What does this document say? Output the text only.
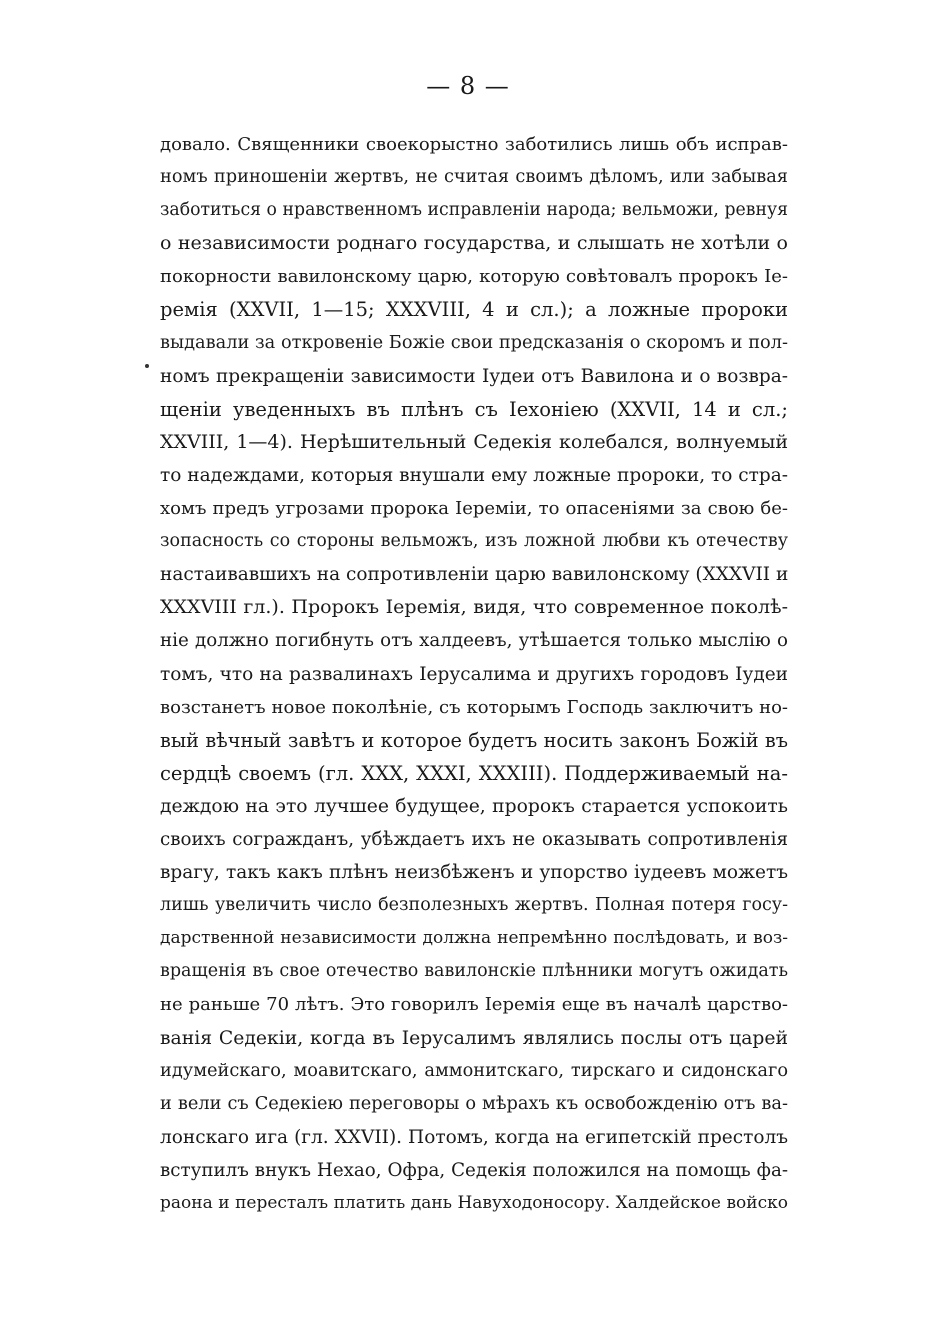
— 8 —
довало. Священники своекорыстно заботились лишь объ исправ-
номъ приношенiи жертвъ, не считая своимъ дѣломъ, или забывая
заботиться о нравственномъ исправленiи народа; вельможи, ревнуя
о независимости роднаго государства, и слышать не хотѣли о
покорности вавилонскому царю, которую совѣтовалъ пророкъ Iе-
ремiя (XXVII, 1—15; XXXVIII, 4 и сл.); а ложные пророки
выдавали за откровенiе Божiе свои предсказанiя о скоромъ и пол-
номъ прекращенiи зависимости Iудеи отъ Вавилона и о возвра-
щенiи уведенныхъ въ плѣнъ съ Iехонiею (XXVII, 14 и сл.;
XXVIII, 1—4). Нерѣшительный Седекiя колебался, волнуемый
то надеждами, которыя внушали ему ложные пророки, то стра-
хомъ предъ угрозами пророка Iеремiи, то опасенiями за свою бе-
зопасность со стороны вельможъ, изъ ложной любви къ отечеству
настаивавшихъ на сопротивленiи царю вавилонскому (XXXVII и
XXXVIII гл.). Пророкъ Iеремiя, видя, что современное поколѣ-
нiе должно погибнуть отъ халдеевъ, утѣшается только мыслiю о
томъ, что на развалинахъ Iерусалима и другихъ городовъ Iудеи
возстанетъ новое поколѣнiе, съ которымъ Господь заключитъ но-
вый вѣчный завѣтъ и которое будетъ носить законъ Божiй въ
сердцѣ своемъ (гл. XXX, XXXI, XXXIII). Поддерживаемый на-
деждою на это лучшее будущее, пророкъ старается успокоить
своихъ согражданъ, убѣждаетъ ихъ не оказывать сопротивленiя
врагу, такъ какъ плѣнъ неизбѣженъ и упорство iудеевъ можетъ
лишь увеличить число безполезныхъ жертвъ. Полная потеря госу-
дарственной независимости должна непремѣнно послѣдовать, и воз-
вращенiя въ свое отечество вавилонскiе плѣнники могутъ ожидать
не раньше 70 лѣтъ. Это говорилъ Iеремiя еще въ началѣ царство-
ванiя Седекiи, когда въ Iерусалимъ являлись послы отъ царей
идумейскаго, моавитскаго, аммонитскаго, тирскаго и сидонскаго
и вели съ Седекiею переговоры о мѣрахъ къ освобожденiю отъ ва-
лонскаго ига (гл. XXVII). Потомъ, когда на египетскiй престолъ
вступилъ внукъ Нехао, Офра, Седекiя положился на помощь фа-
раона и пересталъ платить дань Навуходоносору. Халдейское войско
